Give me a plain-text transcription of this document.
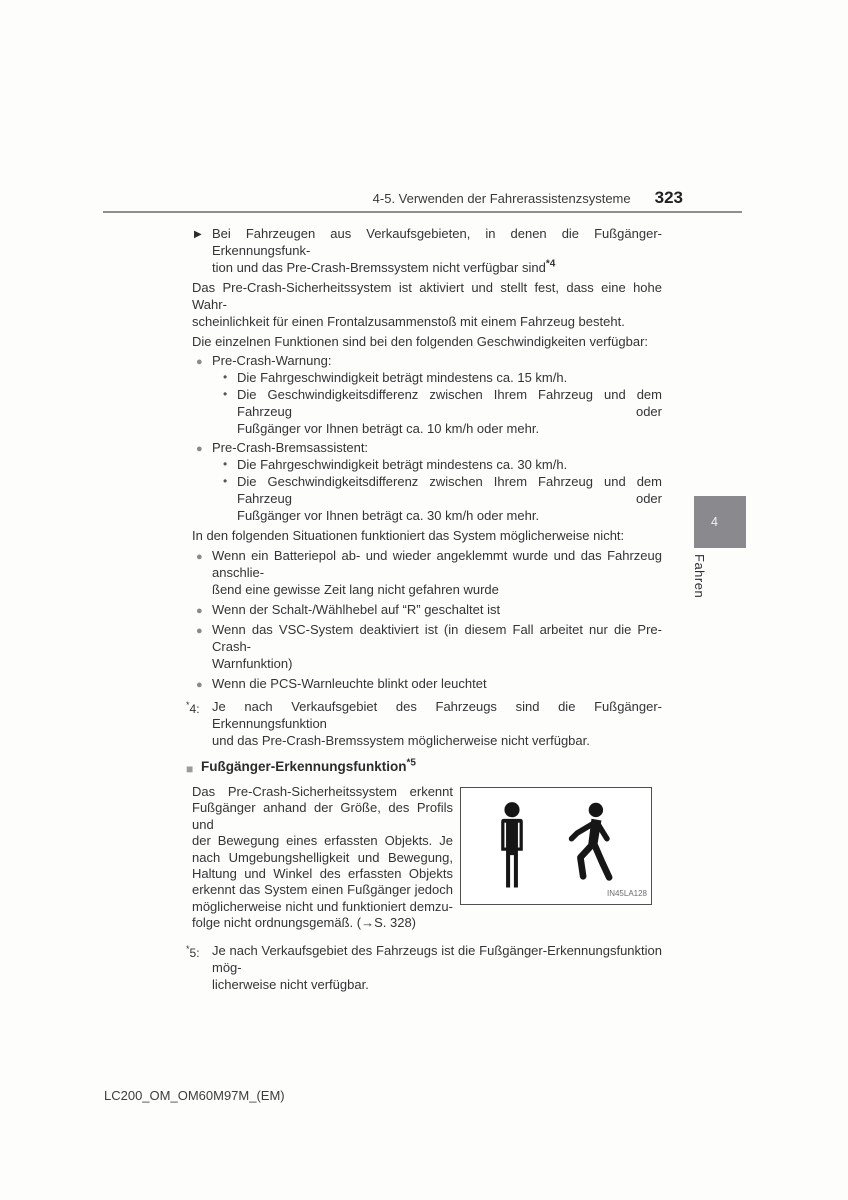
4-5. Verwenden der Fahrerassistenzsysteme 323
▶ Bei Fahrzeugen aus Verkaufsgebieten, in denen die Fußgänger-Erkennungsfunk-
tion und das Pre-Crash-Bremssystem nicht verfügbar sind$^{*4}$
Das Pre-Crash-Sicherheitssystem ist aktiviert und stellt fest, dass eine hohe Wahr-
scheinlichkeit für einen Frontalzusammenstoß mit einem Fahrzeug besteht.
Die einzelnen Funktionen sind bei den folgenden Geschwindigkeiten verfügbar:
● Pre-Crash-Warnung:
• Die Fahrgeschwindigkeit beträgt mindestens ca. 15 km/h.
• Die Geschwindigkeitsdifferenz zwischen Ihrem Fahrzeug und dem Fahrzeug oder
Fußgänger vor Ihnen beträgt ca. 10 km/h oder mehr.
● Pre-Crash-Bremsassistent:
• Die Fahrgeschwindigkeit beträgt mindestens ca. 30 km/h.
• Die Geschwindigkeitsdifferenz zwischen Ihrem Fahrzeug und dem Fahrzeug oder
Fußgänger vor Ihnen beträgt ca. 30 km/h oder mehr.
In den folgenden Situationen funktioniert das System möglicherweise nicht:
● Wenn ein Batteriepol ab- und wieder angeklemmt wurde und das Fahrzeug anschlie-
ßend eine gewisse Zeit lang nicht gefahren wurde
● Wenn der Schalt-/Wählhebel auf “R” geschaltet ist
● Wenn das VSC-System deaktiviert ist (in diesem Fall arbeitet nur die Pre-Crash-
Warnfunktion)
● Wenn die PCS-Warnleuchte blinkt oder leuchtet
*4: Je nach Verkaufsgebiet des Fahrzeugs sind die Fußgänger-Erkennungsfunktion
und das Pre-Crash-Bremssystem möglicherweise nicht verfügbar.
■ Fußgänger-Erkennungsfunktion$^{*5}$
Das Pre-Crash-Sicherheitssystem erkennt
Fußgänger anhand der Größe, des Profils und
der Bewegung eines erfassten Objekts. Je
nach Umgebungshelligkeit und Bewegung,
Haltung und Winkel des erfassten Objekts
erkennt das System einen Fußgänger jedoch
möglicherweise nicht und funktioniert demzu-
folge nicht ordnungsgemäß. (→S. 328)
IN45LA128
*5: Je nach Verkaufsgebiet des Fahrzeugs ist die Fußgänger-Erkennungsfunktion mög-
licherweise nicht verfügbar.
4
Fahren
LC200_OM_OM60M97M_(EM)
